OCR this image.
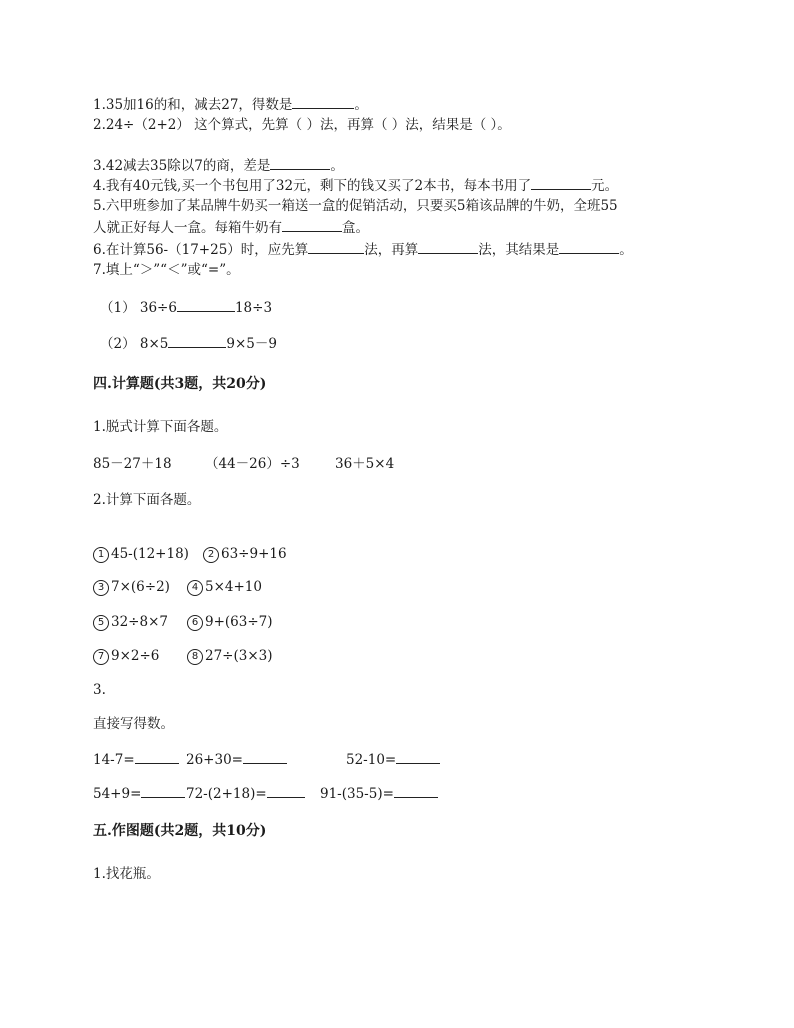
1.35加16的和，减去27，得数是	。
2.24÷（2+2） 这个算式，先算（ ）法，再算（ ）法，结果是（ ）。
3.42减去35除以7的商，差是	。
4.我有40元钱,买一个书包用了32元，剩下的钱又买了2本书，每本书用了	元。
5.六甲班参加了某品牌牛奶买一箱送一盒的促销活动，只要买5箱该品牌的牛奶，全班55
人就正好每人一盒。每箱牛奶有	盒。
6.在计算56-（17+25）时，应先算	法，再算	法，其结果是	。
7.填上“＞”“＜”或“=”。
（1） 36÷6	18÷3
（2） 8×5	9×5－9
四.计算题(共3题，共20分)
1.脱式计算下面各题。
85－27＋18 （44－26）÷3	36＋5×4
2.计算下面各题。
1 45-(12+18)	2 63÷9+16
3 7×(6÷2)	4 5×4+10
5 32÷8×7	6 9+(63÷7)
7 9×2÷6	8 27÷(3×3)
3.
直接写得数。
14-7=	26+30=	52-10=
54+9=	72-(2+18)=	91-(35-5)=
五.作图题(共2题，共10分)
1.找花瓶。
